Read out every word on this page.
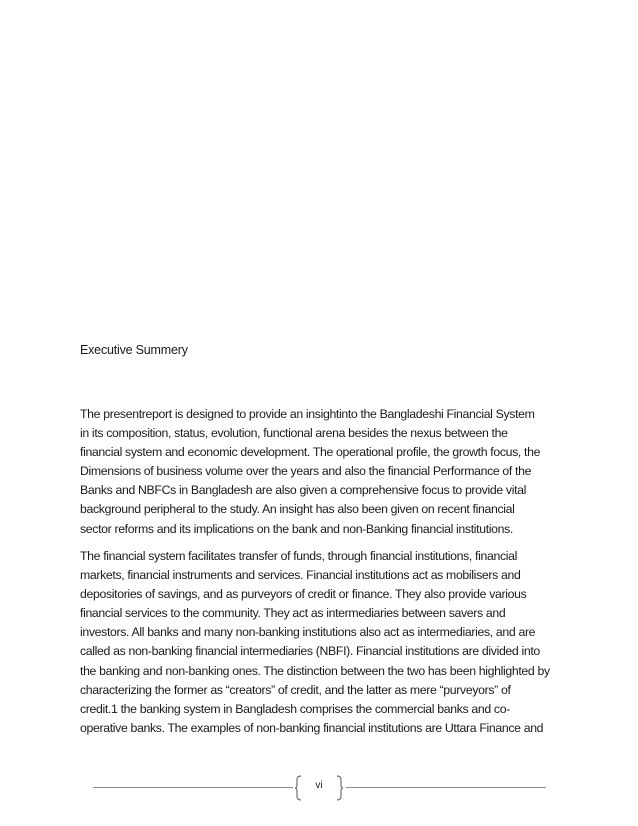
Executive Summery
The presentreport is designed to provide an insightinto the Bangladeshi Financial System
in its composition, status, evolution, functional arena besides the nexus between the
financial system and economic development. The operational profile, the growth focus, the
Dimensions of business volume over the years and also the financial Performance of the
Banks and NBFCs in Bangladesh are also given a comprehensive focus to provide vital
background peripheral to the study. An insight has also been given on recent financial
sector reforms and its implications on the bank and non-Banking financial institutions.
The financial system facilitates transfer of funds, through financial institutions, financial
markets, financial instruments and services. Financial institutions act as mobilisers and
depositories of savings, and as purveyors of credit or finance. They also provide various
financial services to the community. They act as intermediaries between savers and
investors. All banks and many non-banking institutions also act as intermediaries, and are
called as non-banking financial intermediaries (NBFI). Financial institutions are divided into
the banking and non-banking ones. The distinction between the two has been highlighted by
characterizing the former as “creators” of credit, and the latter as mere “purveyors” of
credit.1 the banking system in Bangladesh comprises the commercial banks and co-
operative banks. The examples of non-banking financial institutions are Uttara Finance and
vi
